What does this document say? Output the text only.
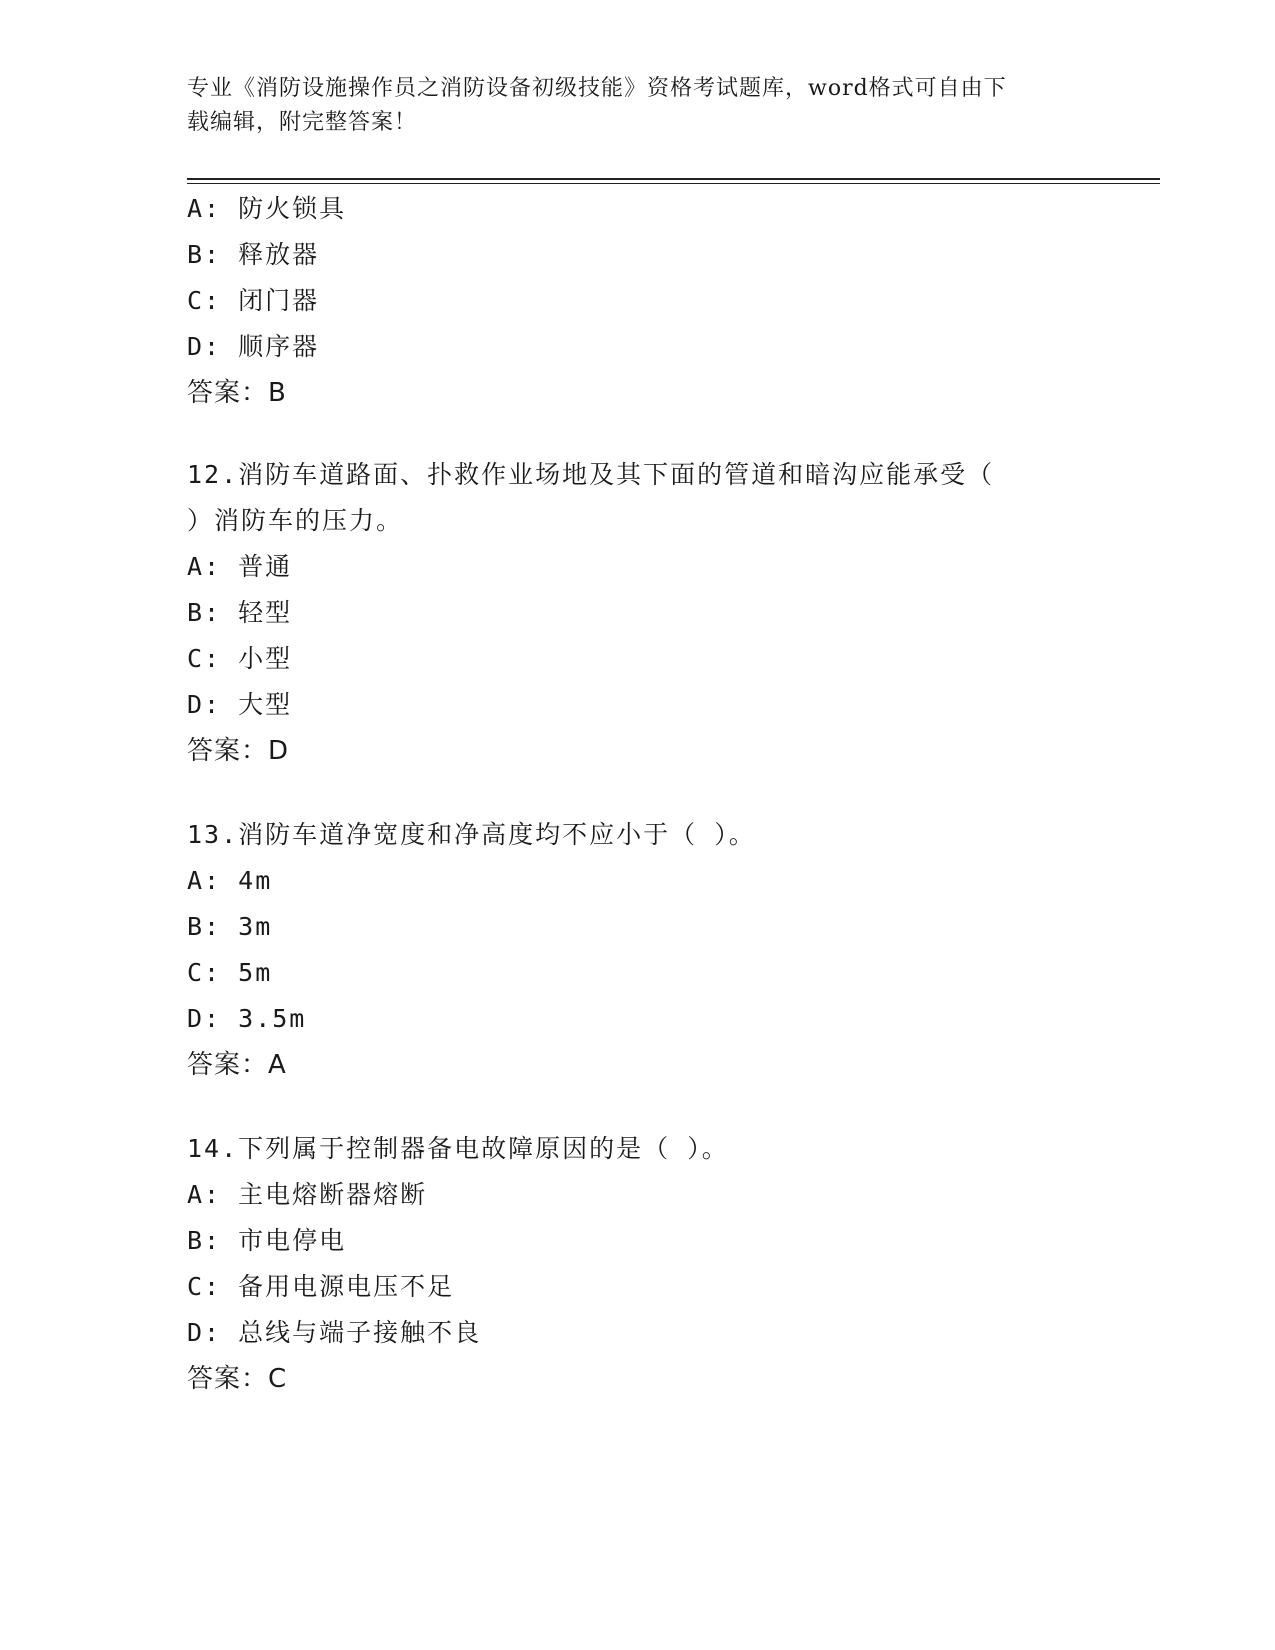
专业《消防设施操作员之消防设备初级技能》资格考试题库，word格式可自由下
载编辑，附完整答案！
A: 防火锁具
B: 释放器
C: 闭门器
D: 顺序器
答案：B
12.消防车道路面、扑救作业场地及其下面的管道和暗沟应能承受（
）消防车的压力。
A: 普通
B: 轻型
C: 小型
D: 大型
答案：D
13.消防车道净宽度和净高度均不应小于（ ）。
A: 4m
B: 3m
C: 5m
D: 3.5m
答案：A
14.下列属于控制器备电故障原因的是（ ）。
A: 主电熔断器熔断
B: 市电停电
C: 备用电源电压不足
D: 总线与端子接触不良
答案：C
